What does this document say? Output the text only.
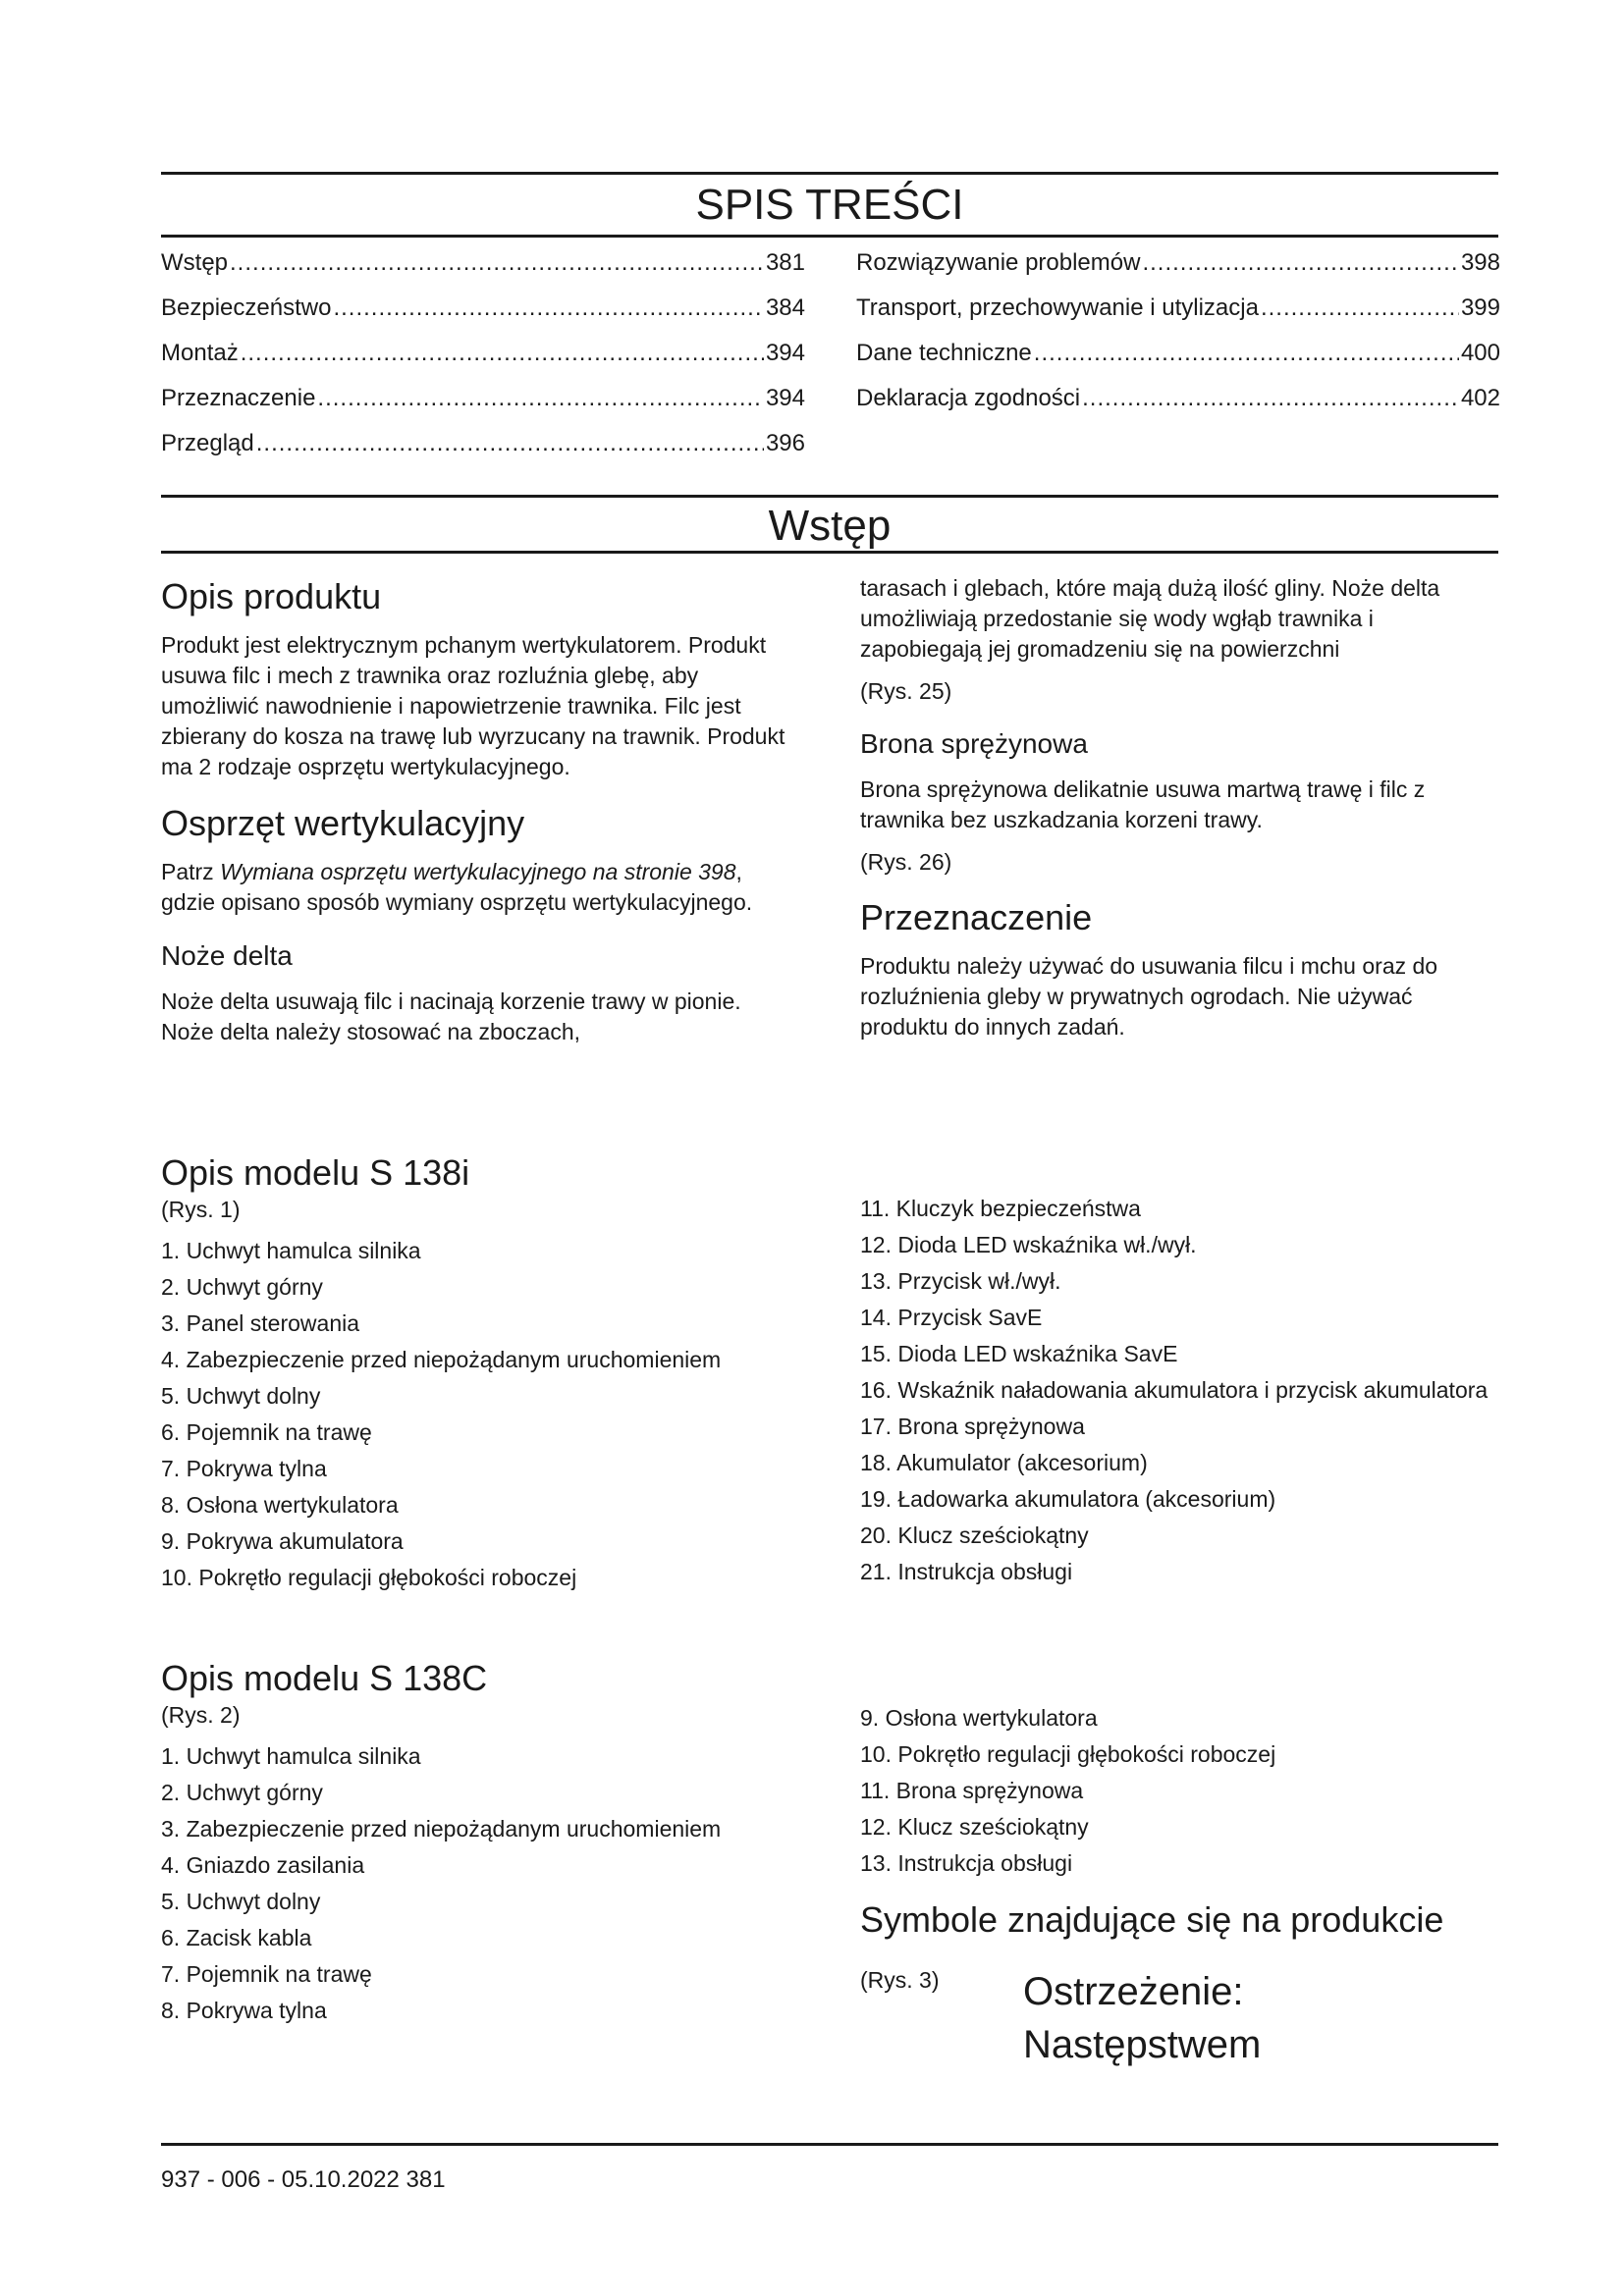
SPIS TREŚCI
Wstęp .....	381
Bezpieczeństwo .....	384
Montaż .....	394
Przeznaczenie .....	394
Przegląd .....	396
Rozwiązywanie problemów .....	398
Transport, przechowywanie i utylizacja .....	399
Dane techniczne .....	400
Deklaracja zgodności .....	402
Wstęp
Opis produktu

Produkt jest elektrycznym pchanym wertykulatorem. Produkt usuwa filc i mech z trawnika oraz rozluźnia glebę, aby umożliwić nawodnienie i napowietrzenie trawnika. Filc jest zbierany do kosza na trawę lub wyrzucany na trawnik. Produkt ma 2 rodzaje osprzętu wertykulacyjnego.

Osprzęt wertykulacyjny

Patrz Wymiana osprzętu wertykulacyjnego na stronie 398, gdzie opisano sposób wymiany osprzętu wertykulacyjnego.

Noże delta

Noże delta usuwają filc i nacinają korzenie trawy w pionie. Noże delta należy stosować na zboczach,

tarasach i glebach, które mają dużą ilość gliny. Noże delta umożliwiają przedostanie się wody wgłąb trawnika i zapobiegają jej gromadzeniu się na powierzchni

(Rys. 25)

Brona sprężynowa

Brona sprężynowa delikatnie usuwa martwą trawę i filc z trawnika bez uszkadzania korzeni trawy.

(Rys. 26)

Przeznaczenie

Produktu należy używać do usuwania filcu i mchu oraz do rozluźnienia gleby w prywatnych ogrodach. Nie używać produktu do innych zadań.

Opis modelu S 138i

(Rys. 1)

1. Uchwyt hamulca silnika
2. Uchwyt górny
3. Panel sterowania
4. Zabezpieczenie przed niepożądanym uruchomieniem
5. Uchwyt dolny
6. Pojemnik na trawę
7. Pokrywa tylna
8. Osłona wertykulatora
9. Pokrywa akumulatora
10. Pokrętło regulacji głębokości roboczej
11. Kluczyk bezpieczeństwa
12. Dioda LED wskaźnika wł./wył.
13. Przycisk wł./wył.
14. Przycisk SavE
15. Dioda LED wskaźnika SavE
16. Wskaźnik naładowania akumulatora i przycisk akumulatora
17. Brona sprężynowa
18. Akumulator (akcesorium)
19. Ładowarka akumulatora (akcesorium)
20. Klucz sześciokątny
21. Instrukcja obsługi
Opis modelu S 138C

(Rys. 2)

1. Uchwyt hamulca silnika
2. Uchwyt górny
3. Zabezpieczenie przed niepożądanym uruchomieniem
4. Gniazdo zasilania
5. Uchwyt dolny
6. Zacisk kabla
7. Pojemnik na trawę
8. Pokrywa tylna
9. Osłona wertykulatora
10. Pokrętło regulacji głębokości roboczej
11. Brona sprężynowa
12. Klucz sześciokątny
13. Instrukcja obsługi
Symbole znajdujące się na produkcie
(Rys. 3)	Ostrzeżenie:
Następstwem
937 - 006 - 05.10.2022 381
